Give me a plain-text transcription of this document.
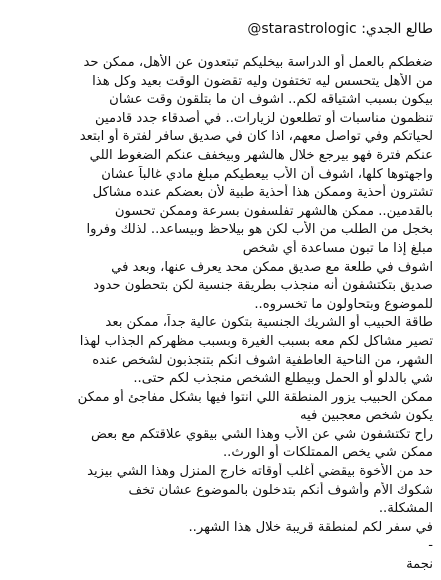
طالع الجدي: @starastrologic
ضغطكم بالعمل أو الدراسة بيخليكم تبتعدون عن الأهل، ممكن حد
من الأهل يتحسس ليه تختفون وليه تقضون الوقت بعيد وكل هذا
بيكون بسبب اشتياقه لكم.. اشوف ان ما بتلقون وقت عشان
تنظمون مناسبات أو تطلعون لزيارات.. في أصدقاء جدد قادمين
لحياتكم وفي تواصل معهم، اذا كان في صديق سافر لفترة أو ابتعد
عنكم فترة فهو بيرجع خلال هالشهر وبيخفف عنكم الضغوط اللي
واجهتوها كلها، اشوف أن الأب بيعطيكم مبلغ مادي غالباً عشان
تشترون أحذية وممكن هذا أحذية طبية لأن بعضكم عنده مشاكل
بالقدمين.. ممكن هالشهر تفلسفون بسرعة وممكن تحسون
بخجل من الطلب من الأب لكن هو بيلاحظ وبيساعد.. لذلك وفروا
مبلغ إذا ما تبون مساعدة أي شخص
اشوف في طلعة مع صديق ممكن محد يعرف عنها، وبعد في
صديق بتكتشفون أنه منجذب بطريقة جنسية لكن بتحطون حدود
للموضوع وبتحاولون ما تخسروه..
طاقة الحبيب أو الشريك الجنسية بتكون عالية جداً، ممكن بعد
تصير مشاكل لكم معه بسبب الغيرة وبسبب مظهركم الجذاب لهذا
الشهر، من الناحية العاطفية اشوف انكم بتنجذبون لشخص عنده
شي بالدلو أو الحمل وبيطلع الشخص منجذب لكم حتى..
ممكن الحبيب يزور المنطقة اللي انتوا فيها بشكل مفاجئ أو ممكن
يكون شخص معجبين فيه
راح تكتشفون شي عن الأب وهذا الشي بيقوي علاقتكم مع بعض
ممكن شي يخص الممتلكات أو الورث..
حد من الأخوة بيقضي أغلب أوقاته خارج المنزل وهذا الشي بيزيد
شكوك الأم وأشوف أنكم بتدخلون بالموضوع عشان تخف
المشكلة..
في سفر لكم لمنطقة قريبة خلال هذا الشهر..
-
نجمة
